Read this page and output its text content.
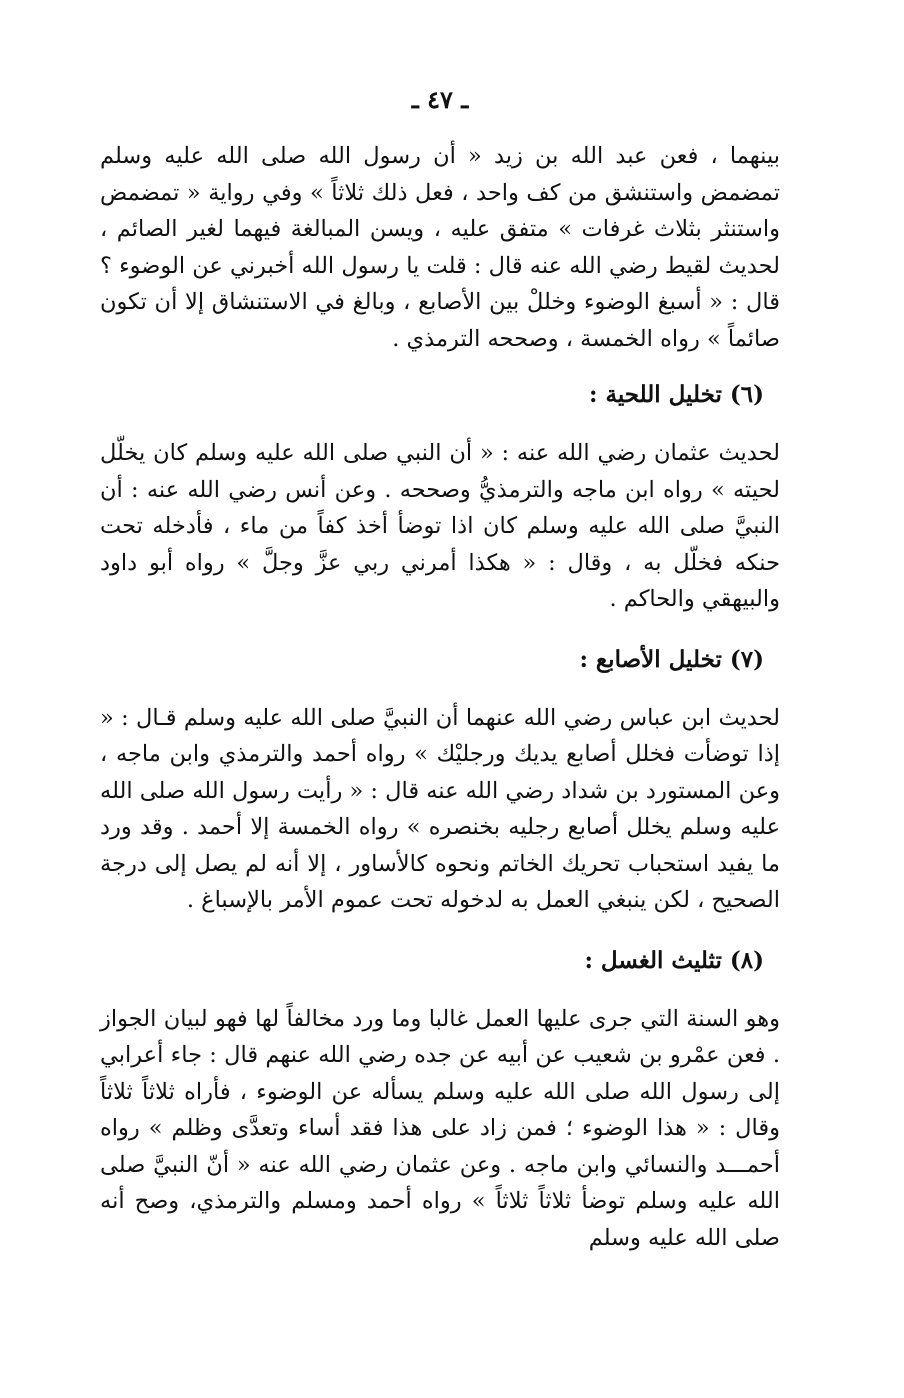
ـ ٤٧ ـ

بينهما ، فعن عبد الله بن زيد « أن رسول الله صلى الله عليه وسلم تمضمض واستنشق من كف واحد ، فعل ذلك ثلاثاً » وفي رواية « تمضمض واستنثر بثلاث غرفات » متفق عليه ، ويسن المبالغة فيهما لغير الصائم ، لحديث لقيط رضي الله عنه قال : قلت يا رسول الله أخبرني عن الوضوء ؟ قال : « أسبغ الوضوء وخللْ بين الأصابع ، وبالغ في الاستنشاق إلا أن تكون صائماً » رواه الخمسة ، وصححه الترمذي .

(٦) تخليل اللحية :

لحديث عثمان رضي الله عنه : « أن النبي صلى الله عليه وسلم كان يخلّل لحيته » رواه ابن ماجه والترمذيُّ وصححه . وعن أنس رضي الله عنه : أن النبيَّ صلى الله عليه وسلم كان اذا توضأ أخذ كفاً من ماء ، فأدخله تحت حنكه فخلّل به ، وقال : « هكذا أمرني ربي عزَّ وجلَّ » رواه أبو داود والبيهقي والحاكم .

(٧) تخليل الأصابع :

لحديث ابن عباس رضي الله عنهما أن النبيَّ صلى الله عليه وسلم قـال : « إذا توضأت فخلل أصابع يديك ورجليْك » رواه أحمد والترمذي وابن ماجه ، وعن المستورد بن شداد رضي الله عنه قال : « رأيت رسول الله صلى الله عليه وسلم يخلل أصابع رجليه بخنصره » رواه الخمسة إلا أحمد . وقد ورد ما يفيد استحباب تحريك الخاتم ونحوه كالأساور ، إلا أنه لم يصل إلى درجة الصحيح ، لكن ينبغي العمل به لدخوله تحت عموم الأمر بالإسباغ .

(٨) تثليث الغسل :

وهو السنة التي جرى عليها العمل غالبا وما ورد مخالفاً لها فهو لبيان الجواز . فعن عمْرو بن شعيب عن أبيه عن جده رضي الله عنهم قال : جاء أعرابي إلى رسول الله صلى الله عليه وسلم يسأله عن الوضوء ، فأراه ثلاثاً ثلاثاً وقال : « هذا الوضوء ؛ فمن زاد على هذا فقد أساء وتعدَّى وظلم » رواه أحمـــد والنسائي وابن ماجه . وعن عثمان رضي الله عنه « أنّ النبيَّ صلى الله عليه وسلم توضأ ثلاثاً ثلاثاً » رواه أحمد ومسلم والترمذي، وصح أنه صلى الله عليه وسلم
